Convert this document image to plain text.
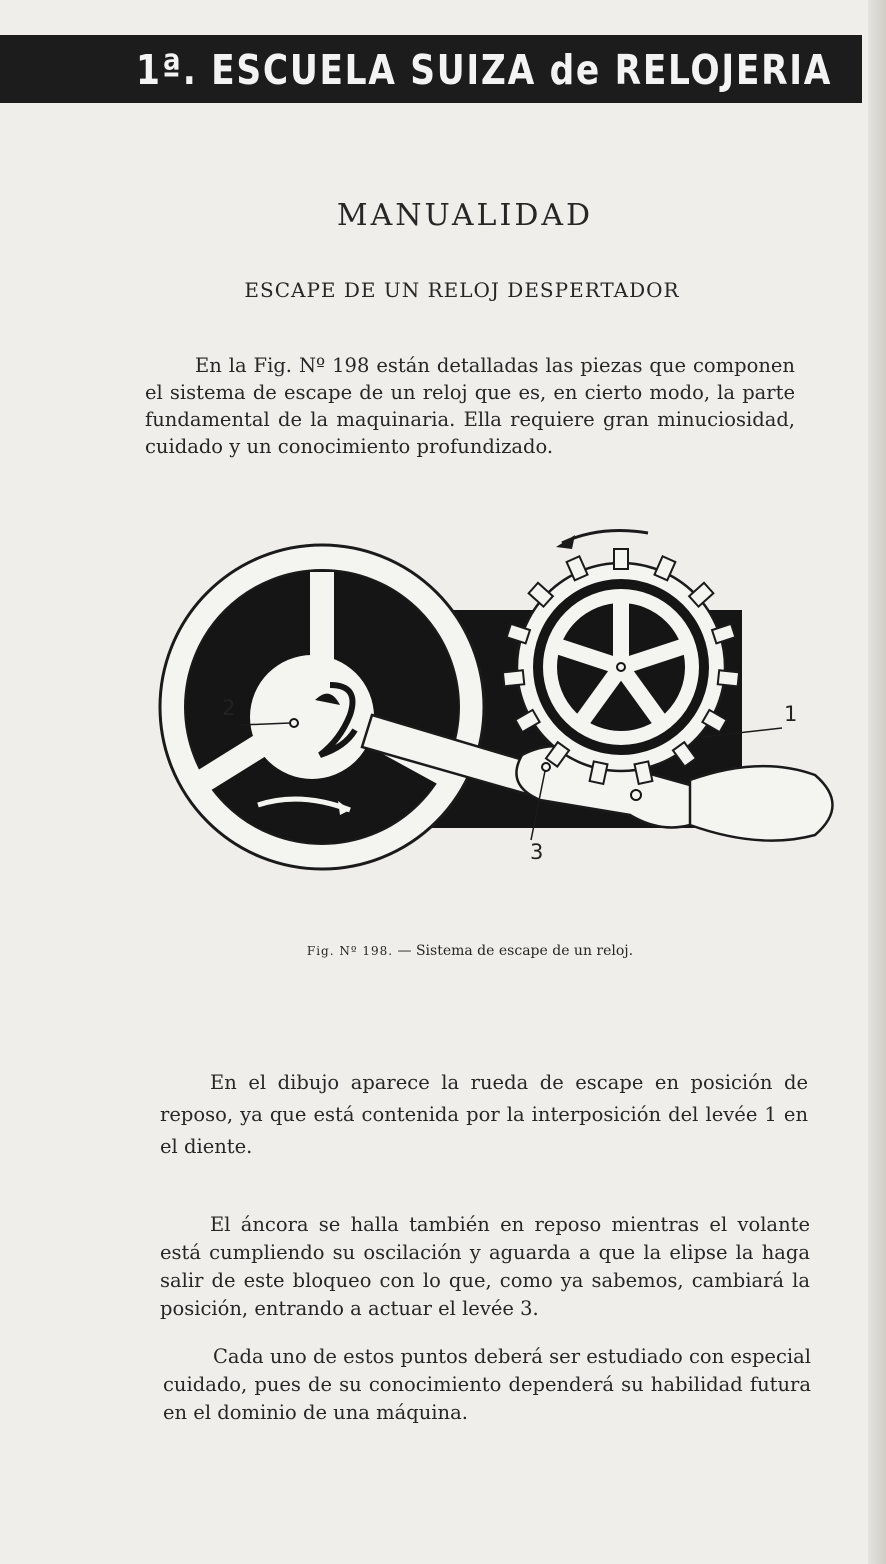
1ª. ESCUELA SUIZA de RELOJERIA
MANUALIDAD
ESCAPE DE UN RELOJ DESPERTADOR

En la Fig. Nº 198 están detalladas las piezas que componen el sistema de escape de un reloj que es, en cierto modo, la parte fundamental de la maquinaria. Ella requiere gran minuciosidad, cuidado y un conocimiento profundizado.

2	1
3
Fig. Nº 198. — Sistema de escape de un reloj.

En el dibujo aparece la rueda de escape en posición de reposo, ya que está contenida por la interposición del levée 1 en el diente.

El áncora se halla también en reposo mientras el volante está cumpliendo su oscilación y aguarda a que la elipse la haga salir de este bloqueo con lo que, como ya sabemos, cambiará la posición, entrando a actuar el levée 3.

Cada uno de estos puntos deberá ser estudiado con especial cuidado, pues de su conocimiento dependerá su habilidad futura en el dominio de una máquina.
